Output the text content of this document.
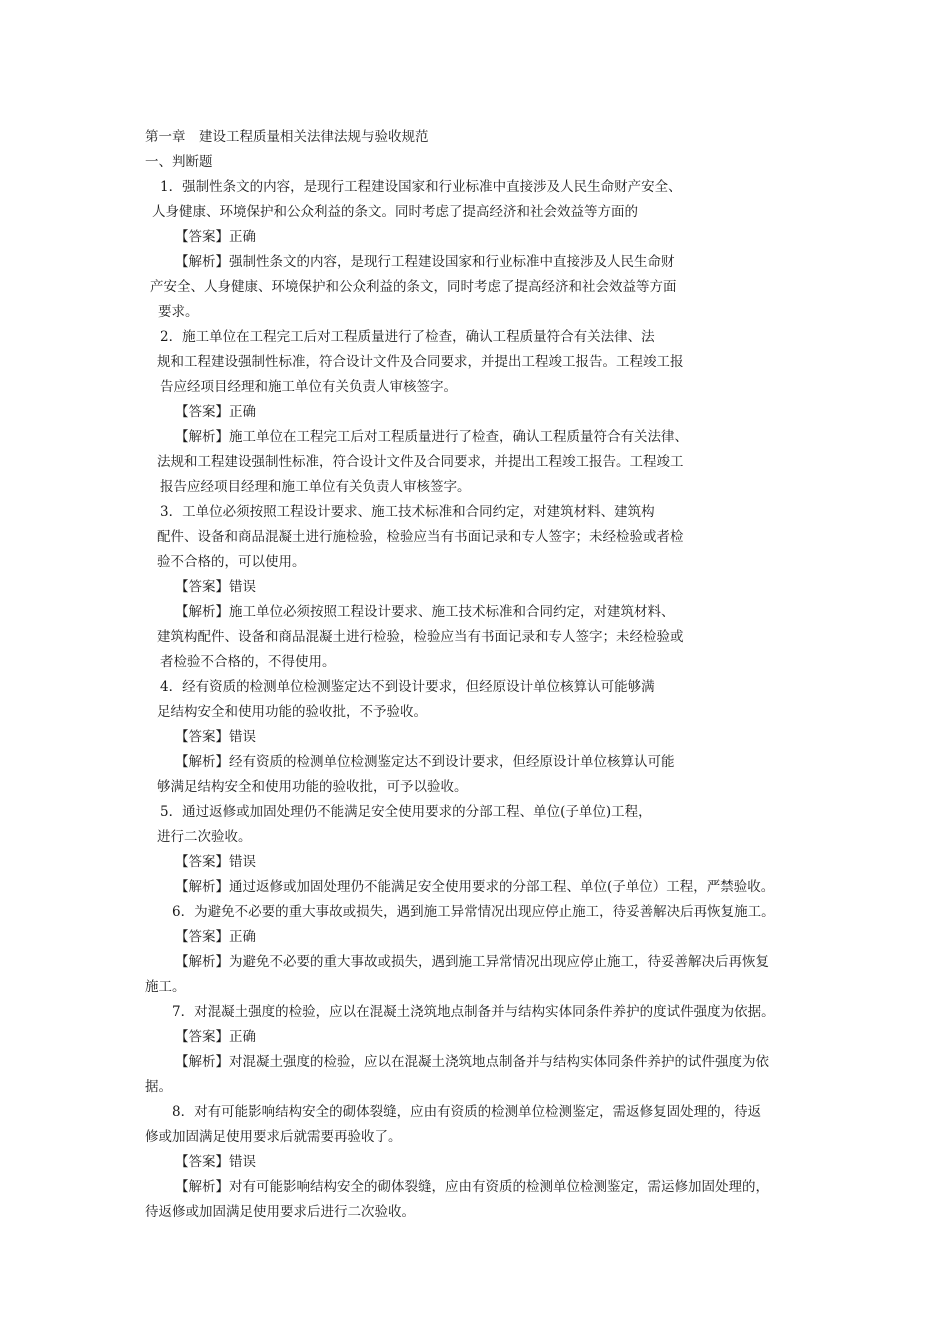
第一章　建设工程质量相关法律法规与验收规范
一、判断题
1．强制性条文的内容，是现行工程建设国家和行业标准中直接涉及人民生命财产安全、
人身健康、环境保护和公众利益的条文。同时考虑了提高经济和社会效益等方面的
【答案】正确
【解析】强制性条文的内容，是现行工程建设国家和行业标准中直接涉及人民生命财
产安全、人身健康、环境保护和公众利益的条文，同时考虑了提高经济和社会效益等方面
要求。
2．施工单位在工程完工后对工程质量进行了检查，确认工程质量符合有关法律、法
规和工程建设强制性标准，符合设计文件及合同要求，并提出工程竣工报告。工程竣工报
告应经项目经理和施工单位有关负责人审核签字。
【答案】正确
【解析】施工单位在工程完工后对工程质量进行了检查，确认工程质量符合有关法律、
法规和工程建设强制性标准，符合设计文件及合同要求，并提出工程竣工报告。工程竣工
报告应经项目经理和施工单位有关负责人审核签字。
3．工单位必须按照工程设计要求、施工技术标准和合同约定，对建筑材料、建筑构
配件、设备和商品混凝土进行施检验，检验应当有书面记录和专人签字；未经检验或者检
验不合格的，可以使用。
【答案】错误
【解析】施工单位必须按照工程设计要求、施工技术标准和合同约定，对建筑材料、
建筑构配件、设备和商品混凝土进行检验，检验应当有书面记录和专人签字；未经检验或
者检验不合格的，不得使用。
4．经有资质的检测单位检测鉴定达不到设计要求，但经原设计单位核算认可能够满
足结构安全和使用功能的验收批，不予验收。
【答案】错误
【解析】经有资质的检测单位检测鉴定达不到设计要求，但经原设计单位核算认可能
够满足结构安全和使用功能的验收批，可予以验收。
5．通过返修或加固处理仍不能满足安全使用要求的分部工程、单位(子单位)工程，
进行二次验收。
【答案】错误
【解析】通过返修或加固处理仍不能满足安全使用要求的分部工程、单位(子单位）工程，严禁验收。
6．为避免不必要的重大事故或损失，遇到施工异常情况出现应停止施工，待妥善解决后再恢复施工。
【答案】正确
【解析】为避免不必要的重大事故或损失，遇到施工异常情况出现应停止施工，待妥善解决后再恢复
施工。
7．对混凝土强度的检验，应以在混凝土浇筑地点制备并与结构实体同条件养护的度试件强度为依据。
【答案】正确
【解析】对混凝土强度的检验，应以在混凝土浇筑地点制备并与结构实体同条件养护的试件强度为依
据。
8．对有可能影响结构安全的砌体裂缝，应由有资质的检测单位检测鉴定，需返修复固处理的，待返
修或加固满足使用要求后就需要再验收了。
【答案】错误
【解析】对有可能影响结构安全的砌体裂缝，应由有资质的检测单位检测鉴定，需运修加固处理的，
待返修或加固满足使用要求后进行二次验收。
